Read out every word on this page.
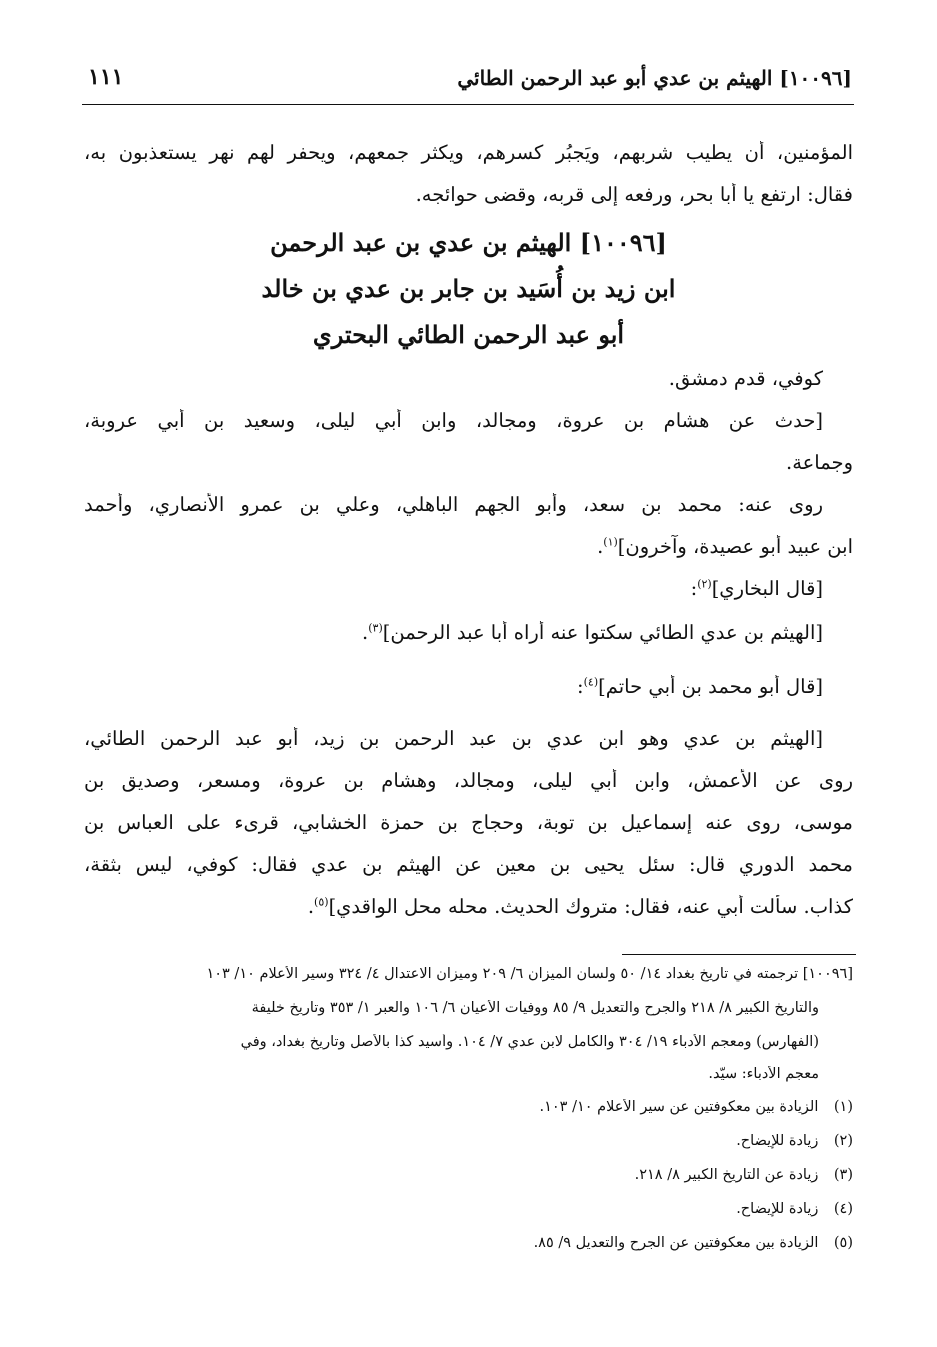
[١٠٠٩٦] الهيثم بن عدي أبو عبد الرحمن الطائي
١١١
المؤمنين، أن يطيب شربهم، ويَجبُر كسرهم، ويكثر جمعهم، ويحفر لهم نهر يستعذبون به،
فقال: ارتفع يا أبا بحر، ورفعه إلى قربه، وقضى حوائجه.
[١٠٠٩٦] الهيثم بن عدي بن عبد الرحمن
ابن زيد بن أُسَيد بن جابر بن عدي بن خالد
أبو عبد الرحمن الطائي البحتري
كوفي، قدم دمشق.
[حدث عن هشام بن عروة، ومجالد، وابن أبي ليلى، وسعيد بن أبي عروبة،
وجماعة.
روى عنه: محمد بن سعد، وأبو الجهم الباهلي، وعلي بن عمرو الأنصاري، وأحمد
ابن عبيد أبو عصيدة، وآخرون]$^{(١)}$.
[قال البخاري]$^{(٢)}$:
[الهيثم بن عدي الطائي سكتوا عنه أراه أبا عبد الرحمن]$^{(٣)}$.
[قال أبو محمد بن أبي حاتم]$^{(٤)}$:
[الهيثم بن عدي وهو ابن عدي بن عبد الرحمن بن زيد، أبو عبد الرحمن الطائي،
روى عن الأعمش، وابن أبي ليلى، ومجالد، وهشام بن عروة، ومسعر، وصديق بن
موسى، روى عنه إسماعيل بن توبة، وحجاج بن حمزة الخشابي، قرىء على العباس بن
محمد الدوري قال: سئل يحيى بن معين عن الهيثم بن عدي فقال: كوفي، ليس بثقة،
كذاب. سألت أبي عنه، فقال: متروك الحديث. محله محل الواقدي]$^{(٥)}$.
[١٠٠٩٦] ترجمته في تاريخ بغداد ١٤/ ٥٠ ولسان الميزان ٦/ ٢٠٩ وميزان الاعتدال ٤/ ٣٢٤ وسير الأعلام ١٠/ ١٠٣
والتاريخ الكبير ٨/ ٢١٨ والجرح والتعديل ٩/ ٨٥ ووفيات الأعيان ٦/ ١٠٦ والعبر ١/ ٣٥٣ وتاريخ خليفة
(الفهارس) ومعجم الأدباء ١٩/ ٣٠٤ والكامل لابن عدي ٧/ ١٠٤. وأسيد كذا بالأصل وتاريخ بغداد، وفي
معجم الأدباء: سيّد.
(١) الزيادة بين معكوفتين عن سير الأعلام ١٠/ ١٠٣.
(٢) زيادة للإيضاح.
(٣) زيادة عن التاريخ الكبير ٨/ ٢١٨.
(٤) زيادة للإيضاح.
(٥) الزيادة بين معكوفتين عن الجرح والتعديل ٩/ ٨٥.
